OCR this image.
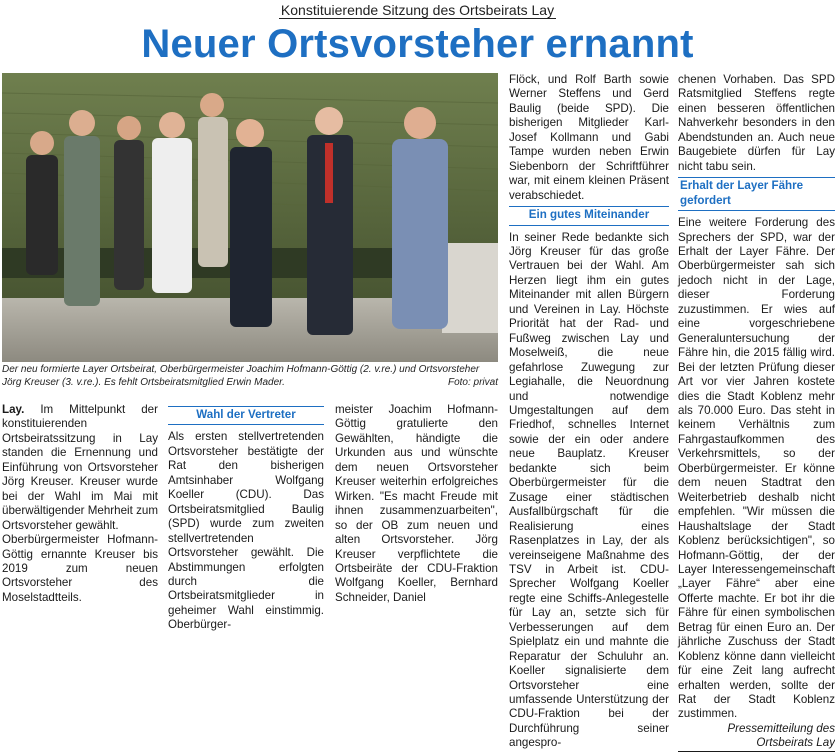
Konstituierende Sitzung des Ortsbeirats Lay
Neuer Ortsvorsteher ernannt
Der neu formierte Layer Ortsbeirat, Oberbürgermeister Joachim Hofmann-Göttig (2. v.re.) und Ortsvorsteher Jörg Kreuser (3. v.re.). Es fehlt Ortsbeiratsmitglied Erwin Mader.	Foto: privat

Lay. Im Mittelpunkt der konstituierenden Ortsbeiratssitzung in Lay standen die Ernennung und Einführung von Ortsvorsteher Jörg Kreuser. Kreuser wurde bei der Wahl im Mai mit überwältigender Mehrheit zum Ortsvorsteher gewählt.

Oberbürgermeister Hofmann-Göttig ernannte Kreuser bis 2019 zum neuen Ortsvorsteher des Moselstadtteils.

Wahl der Vertreter

Als ersten stellvertretenden Ortsvorsteher bestätigte der Rat den bisherigen Amtsinhaber Wolfgang Koeller (CDU). Das Ortsbeiratsmitglied Baulig (SPD) wurde zum zweiten stellvertretenden Ortsvorsteher gewählt. Die Abstimmungen erfolgten durch die Ortsbeiratsmitglieder in geheimer Wahl einstimmig. Oberbürger-

meister Joachim Hofmann-Göttig gratulierte den Gewählten, händigte die Urkunden aus und wünschte dem neuen Ortsvorsteher Kreuser weiterhin erfolgreiches Wirken. "Es macht Freude mit ihnen zusammenzuarbeiten", so der OB zum neuen und alten Ortsvorsteher. Jörg Kreuser verpflichtete die Ortsbeiräte der CDU-Fraktion Wolfgang Koeller, Bernhard Schneider, Daniel

Flöck, und Rolf Barth sowie Werner Steffens und Gerd Baulig (beide SPD). Die bisherigen Mitglieder Karl-Josef Kollmann und Gabi Tampe wurden neben Erwin Siebenborn der Schriftführer war, mit einem kleinen Präsent verabschiedet.

Ein gutes Miteinander

In seiner Rede bedankte sich Jörg Kreuser für das große Vertrauen bei der Wahl. Am Herzen liegt ihm ein gutes Miteinander mit allen Bürgern und Vereinen in Lay. Höchste Priorität hat der Rad- und Fußweg zwischen Lay und Moselweiß, die neue gefahrlose Zuwegung zur Legiahalle, die Neuordnung und notwendige Umgestaltungen auf dem Friedhof, schnelles Internet sowie der ein oder andere neue Bauplatz. Kreuser bedankte sich beim Oberbürgermeister für die Zusage einer städtischen Ausfallbürgschaft für die Realisierung eines Rasenplatzes in Lay, der als vereinseigene Maßnahme des TSV in Arbeit ist. CDU-Sprecher Wolfgang Koeller regte eine Schiffs-Anlegestelle für Lay an, setzte sich für Verbesserungen auf dem Spielplatz ein und mahnte die Reparatur der Schuluhr an. Koeller signalisierte dem Ortsvorsteher eine umfassende Unterstützung der CDU-Fraktion bei der Durchführung seiner angespro-

chenen Vorhaben. Das SPD Ratsmitglied Steffens regte einen besseren öffentlichen Nahverkehr besonders in den Abendstunden an. Auch neue Baugebiete dürfen für Lay nicht tabu sein.

Erhalt der Layer Fähre gefordert

Eine weitere Forderung des Sprechers der SPD, war der Erhalt der Layer Fähre. Der Oberbürgermeister sah sich jedoch nicht in der Lage, dieser Forderung zuzustimmen. Er wies auf eine vorgeschriebene Generaluntersuchung der Fähre hin, die 2015 fällig wird. Bei der letzten Prüfung dieser Art vor vier Jahren kostete dies die Stadt Koblenz mehr als 70.000 Euro. Das steht in keinem Verhältnis zum Fahrgastaufkommen des Verkehrsmittels, so der Oberbürgermeister. Er könne dem neuen Stadtrat den Weiterbetrieb deshalb nicht empfehlen. "Wir müssen die Haushaltslage der Stadt Koblenz berücksichtigen", so Hofmann-Göttig, der der Layer Interessengemeinschaft „Layer Fähre“ aber eine Offerte machte. Er bot ihr die Fähre für einen symbolischen Betrag für einen Euro an. Der jährliche Zuschuss der Stadt Koblenz könne dann vielleicht für eine Zeit lang aufrecht erhalten werden, sollte der Rat der Stadt Koblenz zustimmen.

Pressemitteilung des

Ortsbeirats Lay
